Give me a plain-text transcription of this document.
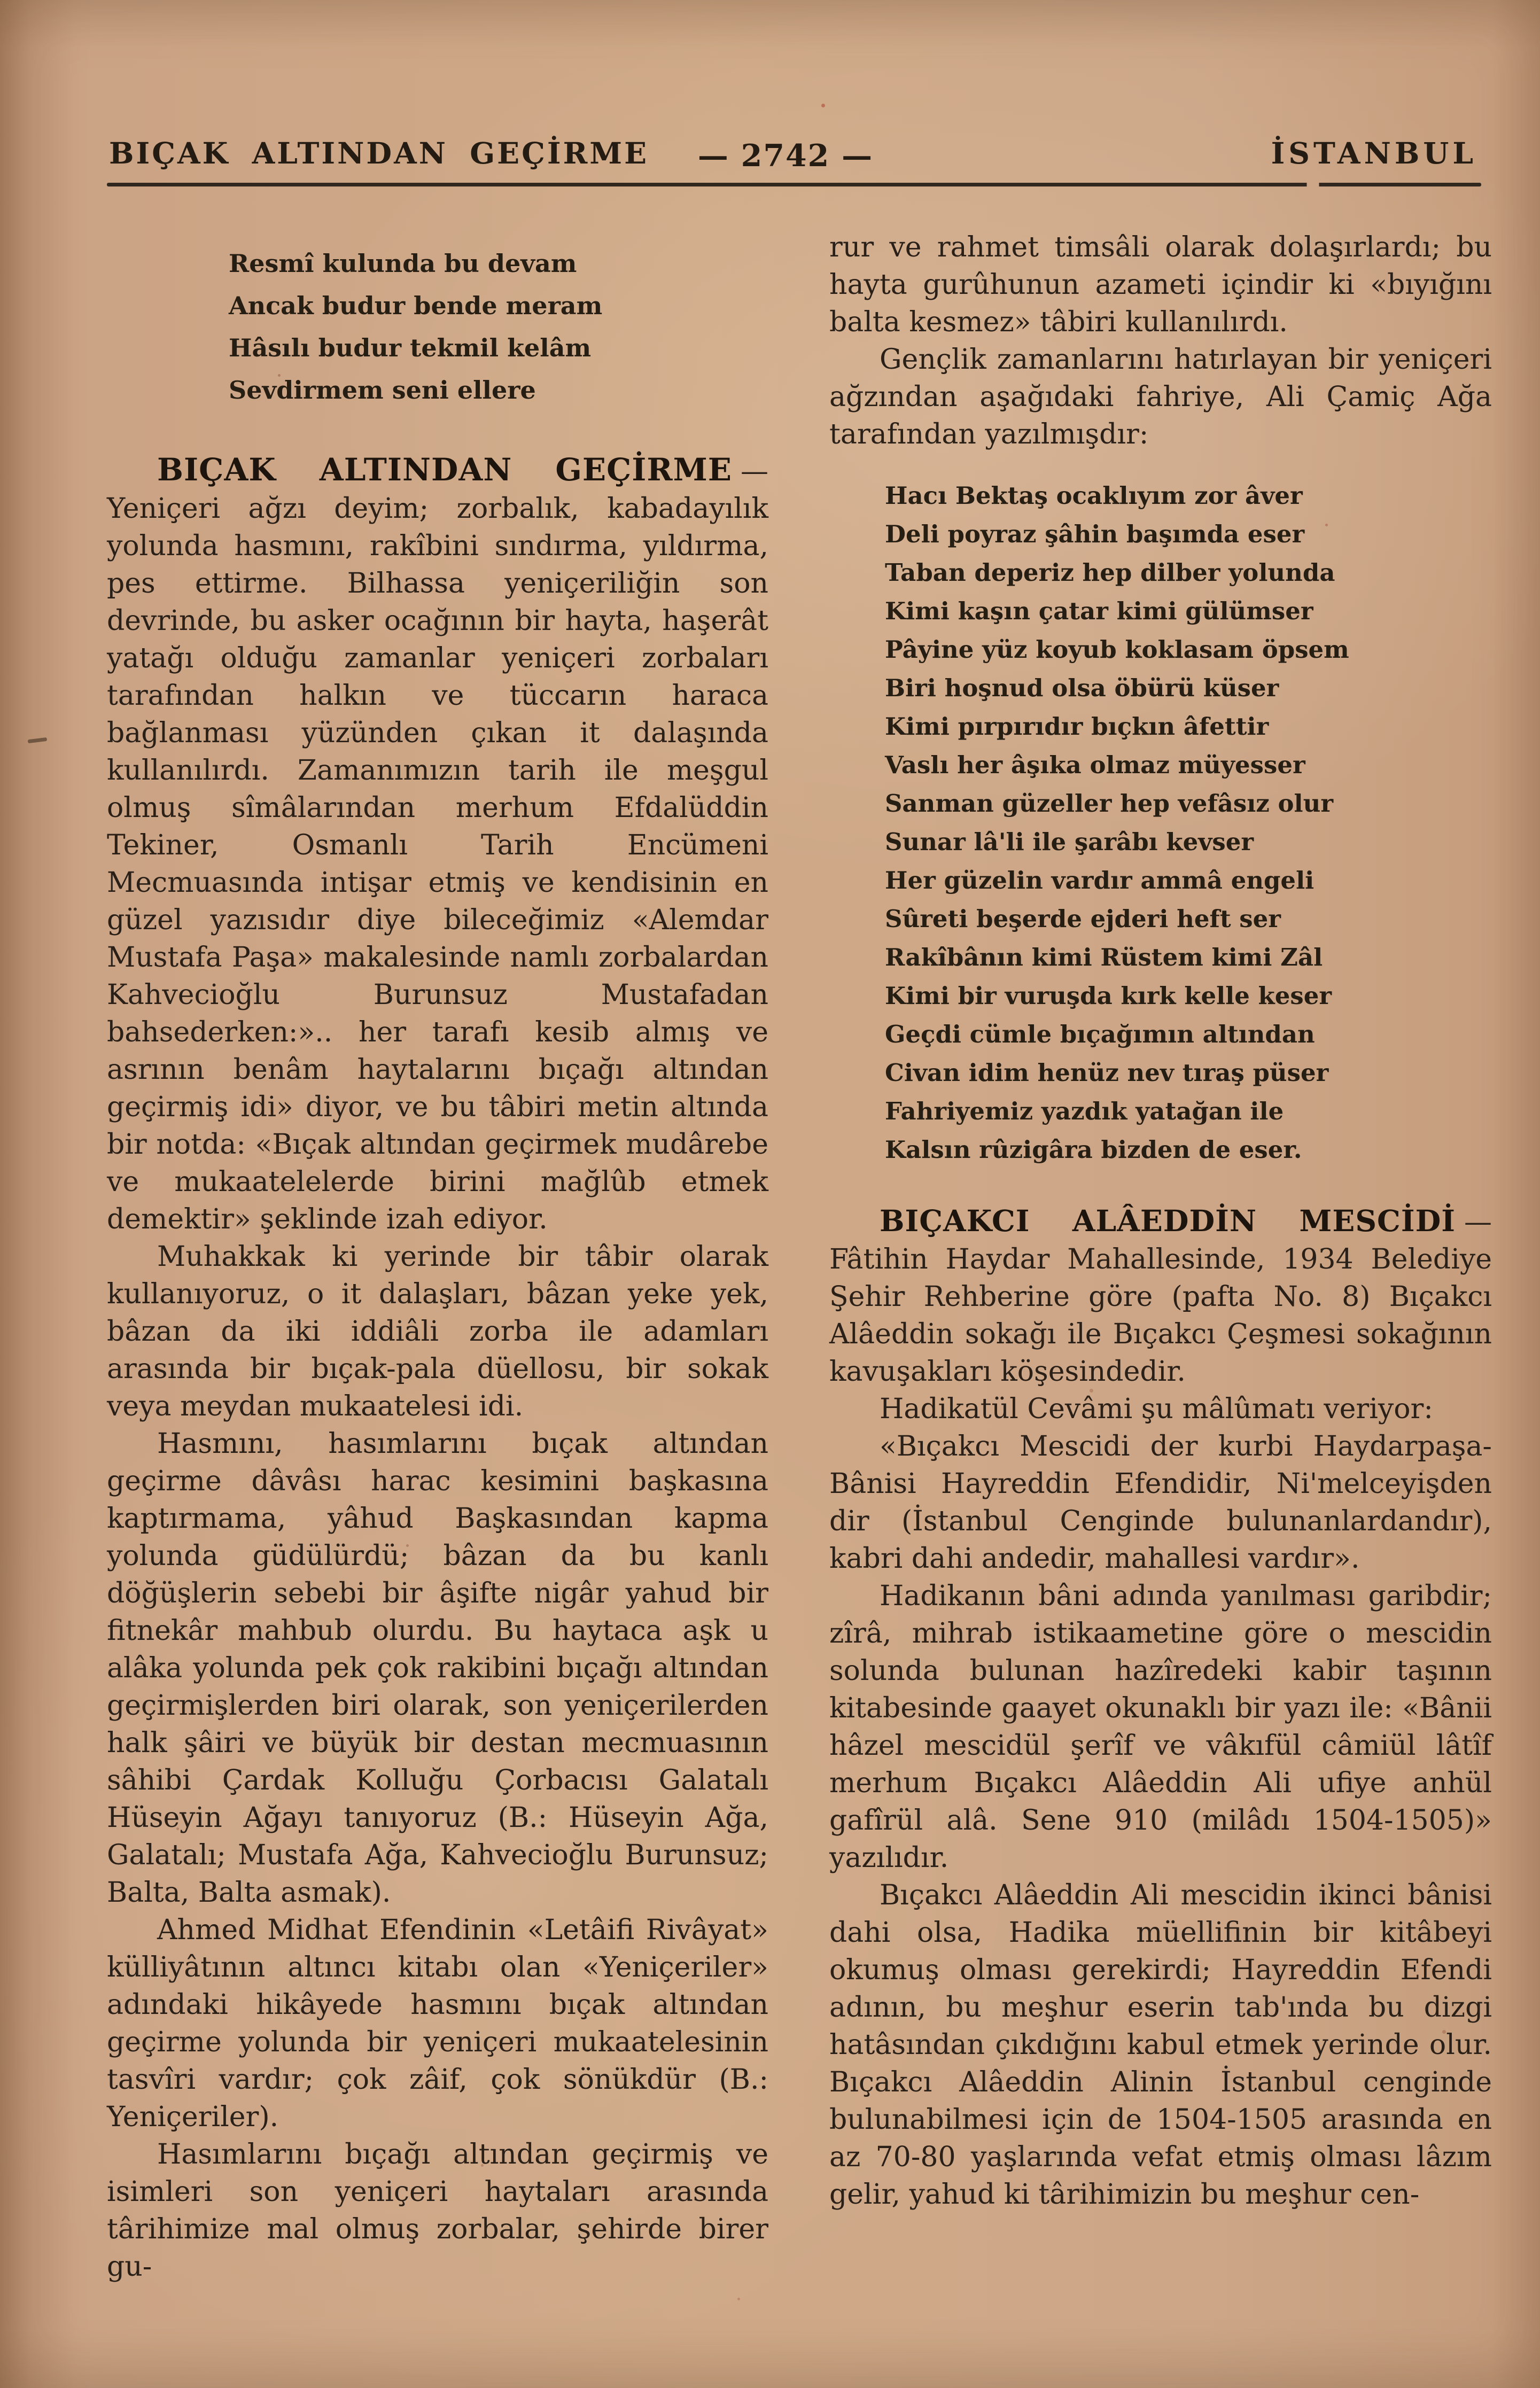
BIÇAK ALTINDAN GEÇİRME — 2742 —	İSTANBUL
Resmî kulunda bu devam
Ancak budur bende meram
Hâsılı budur tekmil kelâm
Sevdirmem seni ellere

BIÇAK ALTINDAN GEÇİRME — Yeniçeri ağzı deyim; zorbalık, kabadayılık yolunda hasmını, rakîbini sındırma, yıldırma, pes ettirme. Bilhassa yeniçeriliğin son devrinde, bu asker ocağının bir hayta, haşerât yatağı olduğu zamanlar yeniçeri zorbaları tarafından halkın ve tüccarın haraca bağlanması yüzünden çıkan it dalaşında kullanılırdı. Zamanımızın tarih ile meşgul olmuş sîmâlarından merhum Efdalüddin Tekiner, Osmanlı Tarih Encümeni Mecmuasında intişar etmiş ve kendisinin en güzel yazısıdır diye bileceğimiz «Alemdar Mustafa Paşa» makalesinde namlı zorbalardan Kahvecioğlu Burunsuz Mustafadan bahsederken:».. her tarafı kesib almış ve asrının benâm haytalarını bıçağı altından geçirmiş idi» diyor, ve bu tâbiri metin altında bir notda: «Bıçak altından geçirmek mudârebe ve mukaatelelerde birini mağlûb etmek demektir» şeklinde izah ediyor.

Muhakkak ki yerinde bir tâbir olarak kullanıyoruz, o it dalaşları, bâzan yeke yek, bâzan da iki iddiâli zorba ile adamları arasında bir bıçak-pala düellosu, bir sokak veya meydan mukaatelesi idi.

Hasmını, hasımlarını bıçak altından geçirme dâvâsı harac kesimini başkasına kaptırmama, yâhud Başkasından kapma yolunda güdülürdü; bâzan da bu kanlı döğüşlerin sebebi bir âşifte nigâr yahud bir fitnekâr mahbub olurdu. Bu haytaca aşk u alâka yolunda pek çok rakibini bıçağı altından geçirmişlerden biri olarak, son yeniçerilerden halk şâiri ve büyük bir destan mecmuasının sâhibi Çardak Kolluğu Çorbacısı Galatalı Hüseyin Ağayı tanıyoruz (B.: Hüseyin Ağa, Galatalı; Mustafa Ağa, Kahvecioğlu Burunsuz; Balta, Balta asmak).

Ahmed Midhat Efendinin «Letâifi Rivâyat» külliyâtının altıncı kitabı olan «Yeniçeriler» adındaki hikâyede hasmını bıçak altından geçirme yolunda bir yeniçeri mukaatelesinin tasvîri vardır; çok zâif, çok sönükdür (B.: Yeniçeriler).

Hasımlarını bıçağı altından geçirmiş ve isimleri son yeniçeri haytaları arasında târihimize mal olmuş zorbalar, şehirde birer gu-

rur ve rahmet timsâli olarak dolaşırlardı; bu hayta gurûhunun azameti içindir ki «bıyığını balta kesmez» tâbiri kullanılırdı.

Gençlik zamanlarını hatırlayan bir yeniçeri ağzından aşağıdaki fahriye, Ali Çamiç Ağa tarafından yazılmışdır:

Hacı Bektaş ocaklıyım zor âver
Deli poyraz şâhin başımda eser
Taban deperiz hep dilber yolunda
Kimi kaşın çatar kimi gülümser
Pâyine yüz koyub koklasam öpsem
Biri hoşnud olsa öbürü küser
Kimi pırpırıdır bıçkın âfettir
Vaslı her âşıka olmaz müyesser
Sanman güzeller hep vefâsız olur
Sunar lâ'li ile şarâbı kevser
Her güzelin vardır ammâ engeli
Sûreti beşerde ejderi heft ser
Rakîbânın kimi Rüstem kimi Zâl
Kimi bir vuruşda kırk kelle keser
Geçdi cümle bıçağımın altından
Civan idim henüz nev tıraş püser
Fahriyemiz yazdık yatağan ile
Kalsın rûzigâra bizden de eser.

BIÇAKCI ALÂEDDİN MESCİDİ — Fâtihin Haydar Mahallesinde, 1934 Belediye Şehir Rehberine göre (pafta No. 8) Bıçakcı Alâeddin sokağı ile Bıçakcı Çeşmesi sokağının kavuşakları köşesindedir.

Hadikatül Cevâmi şu mâlûmatı veriyor:

«Bıçakcı Mescidi der kurbi Haydarpaşa- Bânisi Hayreddin Efendidir, Ni'melceyişden dir (İstanbul Cenginde bulunanlardandır), kabri dahi andedir, mahallesi vardır».

Hadikanın bâni adında yanılması garibdir; zîrâ, mihrab istikaametine göre o mescidin solunda bulunan hazîredeki kabir taşının kitabesinde gaayet okunaklı bir yazı ile: «Bânii hâzel mescidül şerîf ve vâkıfül câmiül lâtîf merhum Bıçakcı Alâeddin Ali ufiye anhül gafîrül alâ. Sene 910 (milâdı 1504-1505)» yazılıdır.

Bıçakcı Alâeddin Ali mescidin ikinci bânisi dahi olsa, Hadika müellifinin bir kitâbeyi okumuş olması gerekirdi; Hayreddin Efendi adının, bu meşhur eserin tab'ında bu dizgi hatâsından çıkdığını kabul etmek yerinde olur. Bıçakcı Alâeddin Alinin İstanbul cenginde bulunabilmesi için de 1504-1505 arasında en az 70-80 yaşlarında vefat etmiş olması lâzım gelir, yahud ki târihimizin bu meşhur cen-
